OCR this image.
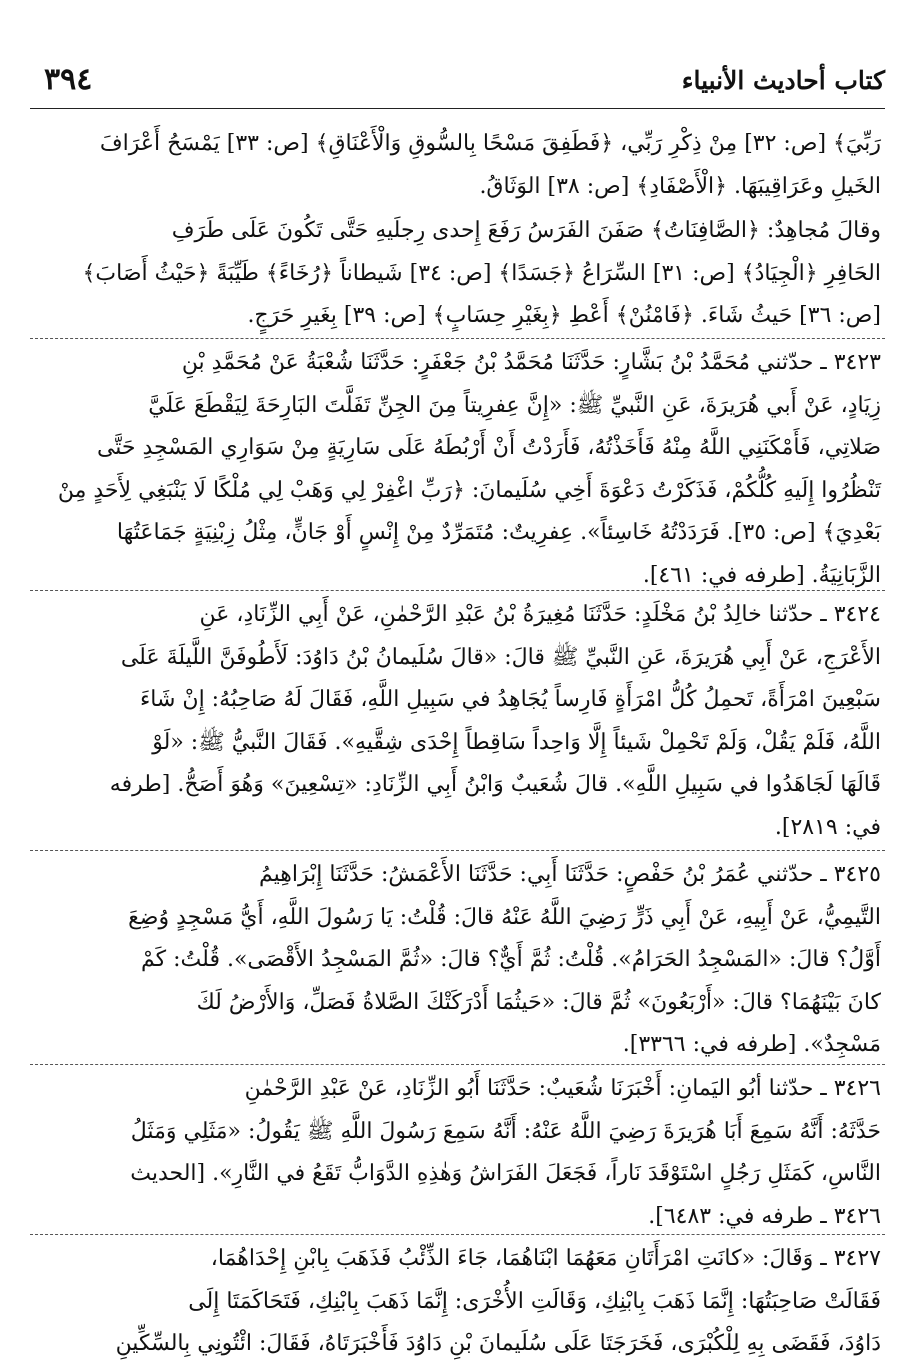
٣٩٤	كتاب أحاديث الأنبياء

رَبِّيَ﴾ [ص: ٣٢] مِنْ ذِكْرِ رَبِّي، ﴿فَطَفِقَ مَسْحًا بِالسُّوقِ وَالْأَعْنَاقِ﴾ [ص: ٣٣] يَمْسَحُ أَعْرَافَ

الخَيلِ وعَرَاقِيبَهَا. ﴿الْأَصْفَادِ﴾ [ص: ٣٨] الوَثَاقُ.

وقالَ مُجاهِدٌ: ﴿الصَّافِنَاتُ﴾ صَفَنَ الفَرَسُ رَفَعَ إِحدى رِجلَيهِ حَتَّى تَكُونَ عَلَى طَرَفِ

الحَافِرِ ﴿الْجِيَادُ﴾ [ص: ٣١] السِّرَاعُ ﴿جَسَدًا﴾ [ص: ٣٤] شَيطاناً ﴿رُخَاءً﴾ طَيِّبَةً ﴿حَيْثُ أَصَابَ﴾

[ص: ٣٦] حَيثُ شَاءَ. ﴿فَامْنُنْ﴾ أَعْطِ ﴿بِغَيْرِ حِسَابٍ﴾ [ص: ٣٩] بِغَيرِ حَرَجٍ.

٣٤٢٣ ـ حدّثني مُحَمَّدُ بْنُ بَشَّارٍ: حَدَّثَنَا مُحَمَّدُ بْنُ جَعْفَرٍ: حَدَّثَنَا شُعْبَةُ عَنْ مُحَمَّدِ بْنِ

زِيَادٍ، عَنْ أَبي هُرَيرَةَ، عَنِ النَّبيِّ ﷺ: «إِنَّ عِفرِيتاً مِنَ الجِنِّ تَفَلَّتَ البَارِحَةَ لِيَقْطَعَ عَلَيَّ

صَلاتِي، فَأَمْكَنَنِي اللَّهُ مِنْهُ فَأَخَذْتُهُ، فَأَرَدْتُ أَنْ أَرْبُطَهُ عَلَى سَارِيَةٍ مِنْ سَوَارِي المَسْجِدِ حَتَّى

تَنْظُرُوا إِلَيهِ كُلُّكُمْ، فَذَكَرْتُ دَعْوَةَ أَخِي سُلَيمانَ: ﴿رَبِّ اغْفِرْ لِي وَهَبْ لِي مُلْكًا لَا يَنْبَغِي لِأَحَدٍ مِنْ

بَعْدِيَ﴾ [ص: ٣٥]. فَرَدَدْتُهُ خَاسِئاً». عِفرِيتٌ: مُتَمَرِّدٌ مِنْ إِنْسٍ أَوْ جَانٍّ، مِثْلُ زِبْنِيَةٍ جَمَاعَتُهَا

الزَّبَانِيَةُ. [طرفه في: ٤٦١].

٣٤٢٤ ـ حدّثنا خالِدُ بْنُ مَخْلَدٍ: حَدَّثَنَا مُغِيرَةُ بْنُ عَبْدِ الرَّحْمٰنِ، عَنْ أَبِي الزِّنَادِ، عَنِ

الأَعْرَجِ، عَنْ أَبِي هُرَيرَةَ، عَنِ النَّبيِّ ﷺ قالَ: «قالَ سُلَيمانُ بْنُ دَاوُدَ: لَأَطُوفَنَّ اللَّيلَةَ عَلَى

سَبْعِينَ امْرَأَةً، تَحمِلُ كُلُّ امْرَأَةٍ فَارِساً يُجَاهِدُ في سَبِيلِ اللَّهِ، فَقَالَ لَهُ صَاحِبُهُ: إِنْ شَاءَ

اللَّهُ، فَلَمْ يَقُلْ، وَلَمْ تَحْمِلْ شَيئاً إِلَّا وَاحِداً سَاقِطاً إِحْدَى شِقَّيهِ». فَقَالَ النَّبيُّ ﷺ: «لَوْ

قَالَهَا لَجَاهَدُوا في سَبِيلِ اللَّهِ». قالَ شُعَيبٌ وَابْنُ أَبِي الزِّنَادِ: «تِسْعِينَ» وَهُوَ أَصَحُّ. [طرفه

في: ٢٨١٩].

٣٤٢٥ ـ حدّثني عُمَرُ بْنُ حَفْصٍ: حَدَّثَنَا أَبِي: حَدَّثَنَا الأَعْمَشُ: حَدَّثَنَا إِبْرَاهِيمُ

التَّيمِيُّ، عَنْ أَبِيهِ، عَنْ أَبِي ذَرٍّ رَضِيَ اللَّهُ عَنْهُ قالَ: قُلْتُ: يَا رَسُولَ اللَّهِ، أَيُّ مَسْجِدٍ وُضِعَ

أَوَّلُ؟ قالَ: «المَسْجِدُ الحَرَامُ». قُلْتُ: ثُمَّ أَيٌّ؟ قالَ: «ثُمَّ المَسْجِدُ الأَقْصَى». قُلْتُ: كَمْ

كانَ بَيْنَهُمَا؟ قالَ: «أَرْبَعُونَ» ثُمَّ قالَ: «حَيثُمَا أَدْرَكَتْكَ الصَّلاةُ فَصَلِّ، وَالأَرْضُ لَكَ

مَسْجِدٌ». [طرفه في: ٣٣٦٦].

٣٤٢٦ ـ حدّثنا أبُو اليَمانِ: أَخْبَرَنَا شُعَيبٌ: حَدَّثَنَا أَبُو الزِّنَادِ، عَنْ عَبْدِ الرَّحْمٰنِ

حَدَّثَهُ: أَنَّهُ سَمِعَ أَبَا هُرَيرَةَ رَضِيَ اللَّهُ عَنْهُ: أَنَّهُ سَمِعَ رَسُولَ اللَّهِ ﷺ يَقُولُ: «مَثَلِي وَمَثَلُ

النَّاسِ، كَمَثَلِ رَجُلٍ اسْتَوْقَدَ نَاراً، فَجَعَلَ الفَرَاشُ وَهٰذِهِ الدَّوَابُّ تَقَعُ في النَّارِ». [الحديث

٣٤٢٦ ـ طرفه في: ٦٤٨٣].

٣٤٢٧ ـ وَقَالَ: «كانَتِ امْرَأَتَانِ مَعَهُمَا ابْنَاهُمَا، جَاءَ الذِّئْبُ فَذَهَبَ بِابْنِ إِحْدَاهُمَا،

فَقَالَتْ صَاحِبَتُهَا: إِنَّمَا ذَهَبَ بِابْنِكِ، وَقَالَتِ الأُخْرَى: إِنَّمَا ذَهَبَ بِابْنِكِ، فَتَحَاكَمَتَا إِلَى

دَاوُدَ، فَقَضَى بِهِ لِلْكُبْرَى، فَخَرَجَتَا عَلَى سُلَيمانَ بْنِ دَاوُدَ فَأَخْبَرَتَاهُ، فَقَالَ: ائْتُونِي بِالسِّكِّينِ
